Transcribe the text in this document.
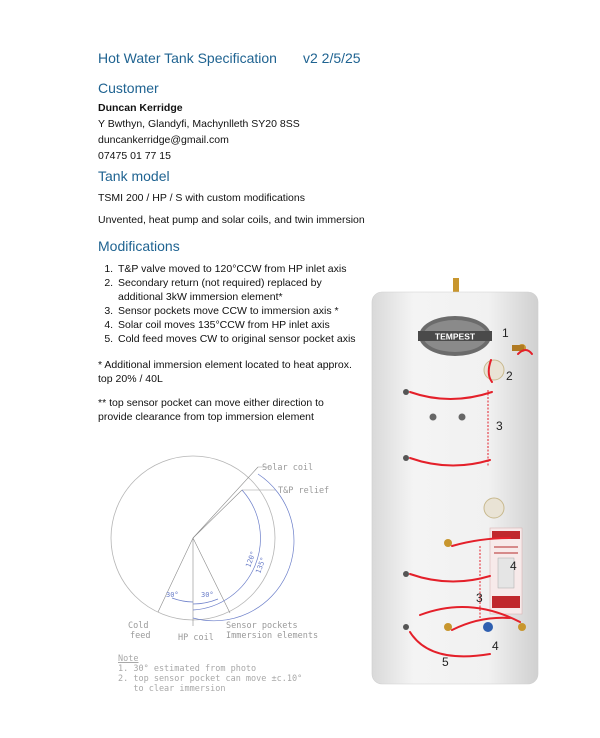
Hot Water Tank Specification v2 2/5/25
Customer
Duncan Kerridge
Y Bwthyn, Glandyfi, Machynlleth SY20 8SS
duncankerridge@gmail.com
07475 01 77 15
Tank model
TSMI 200 / HP / S with custom modifications
Unvented, heat pump and solar coils, and twin immersion
Modifications
1. T&P valve moved to 120°CCW from HP inlet axis
2. Secondary return (not required) replaced by additional 3kW immersion element*
3. Sensor pockets move CCW to immersion axis *
4. Solar coil moves 135°CCW from HP inlet axis
5. Cold feed moves CW to original sensor pocket axis
* Additional immersion element located to heat approx. top 20% / 40L
** top sensor pocket can move either direction to provide clearance from top immersion element
30°	30°
120°
135°
Solar coil
T&P relief
Cold
feed	HP coil
Sensor pockets
Immersion elements
Note
1. 30° estimated from photo
2. top sensor pocket can move ±c.10°
to clear immersion
TEMPEST 1
2
3
3
4
4
5
